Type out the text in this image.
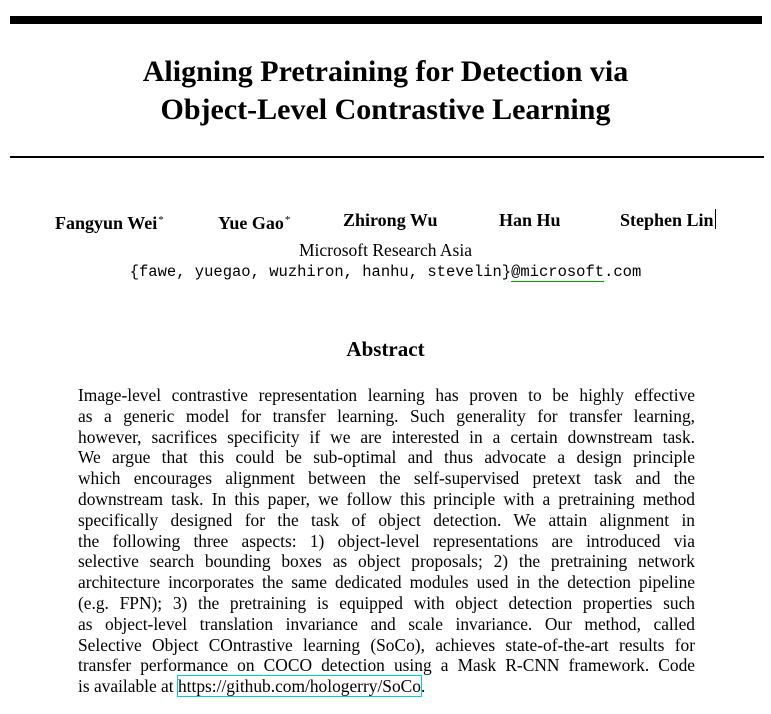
Aligning Pretraining for Detection via
Object-Level Contrastive Learning
Fangyun Wei*	Yue Gao*	Zhirong Wu	Han Hu	Stephen Lin
Microsoft Research Asia
{fawe, yuegao, wuzhiron, hanhu, stevelin}@microsoft.com
Abstract
Image-level contrastive representation learning has proven to be highly effective
as a generic model for transfer learning. Such generality for transfer learning,
however, sacrifices specificity if we are interested in a certain downstream task.
We argue that this could be sub-optimal and thus advocate a design principle
which encourages alignment between the self-supervised pretext task and the
downstream task. In this paper, we follow this principle with a pretraining method
specifically designed for the task of object detection. We attain alignment in
the following three aspects: 1) object-level representations are introduced via
selective search bounding boxes as object proposals; 2) the pretraining network
architecture incorporates the same dedicated modules used in the detection pipeline
(e.g. FPN); 3) the pretraining is equipped with object detection properties such
as object-level translation invariance and scale invariance. Our method, called
Selective Object COntrastive learning (SoCo), achieves state-of-the-art results for
transfer performance on COCO detection using a Mask R-CNN framework. Code
is available at https://github.com/hologerry/SoCo.
